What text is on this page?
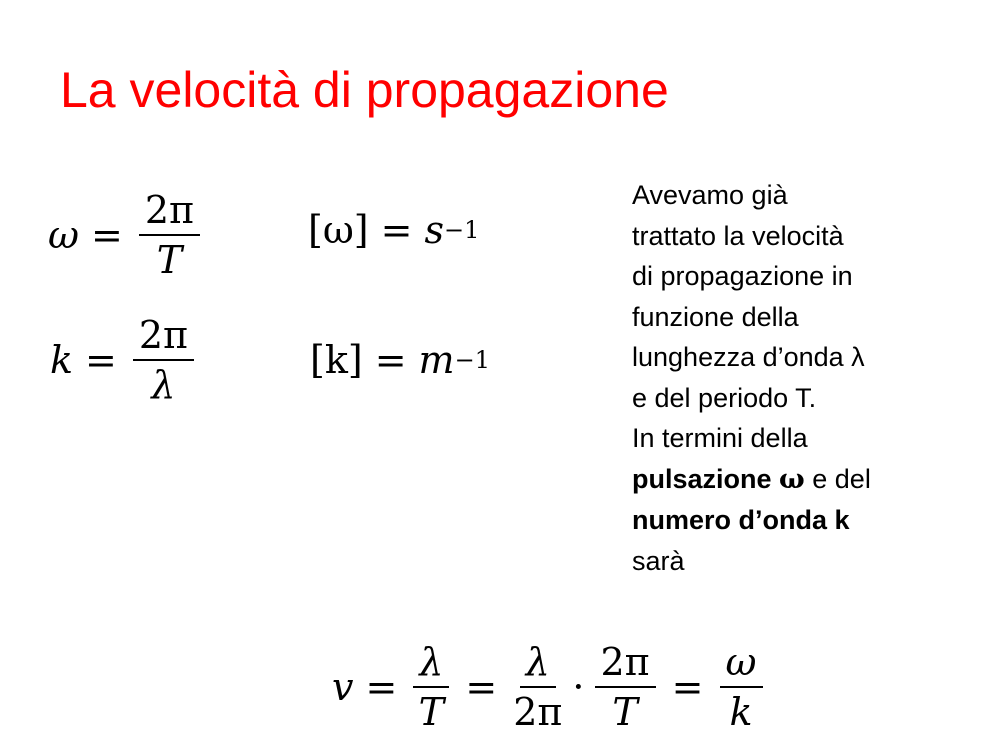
La velocità di propagazione
$\omega = \frac{2\pi}{T}$	[ω] = s −1
$k = \frac{2\pi}{\lambda}$	[k] = m −1
Avevamo già
trattato la velocità
di propagazione in
funzione della
lunghezza d’onda λ
e del periodo T.
In termini della
pulsazione ω e del
numero d’onda k
sarà
$v = \frac{\lambda}{T} = \frac{\lambda}{2\pi} \cdot \frac{2\pi}{T} = \frac{\omega}{k}$
